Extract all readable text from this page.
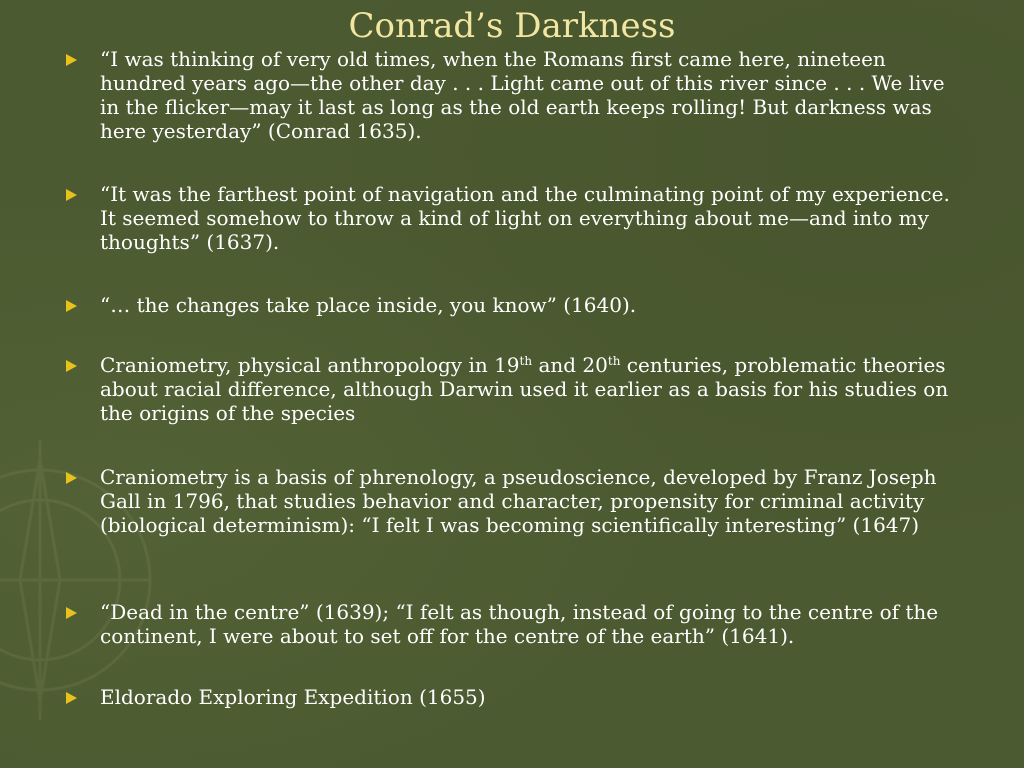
Conrad’s Darkness
“I was thinking of very old times, when the Romans first came here, nineteen hundred years ago—the other day . . . Light came out of this river since . . . We live in the flicker—may it last as long as the old earth keeps rolling! But darkness was here yesterday” (Conrad 1635).
“It was the farthest point of navigation and the culminating point of my experience. It seemed somehow to throw a kind of light on everything about me—and into my thoughts” (1637).
“… the changes take place inside, you know” (1640).
Craniometry, physical anthropology in 19th and 20th centuries, problematic theories about racial difference, although Darwin used it earlier as a basis for his studies on the origins of the species
Craniometry is a basis of phrenology, a pseudoscience, developed by Franz Joseph Gall in 1796, that studies behavior and character, propensity for criminal activity (biological determinism): “I felt I was becoming scientifically interesting” (1647)
“Dead in the centre” (1639); “I felt as though, instead of going to the centre of the continent, I were about to set off for the centre of the earth” (1641).
Eldorado Exploring Expedition (1655)
